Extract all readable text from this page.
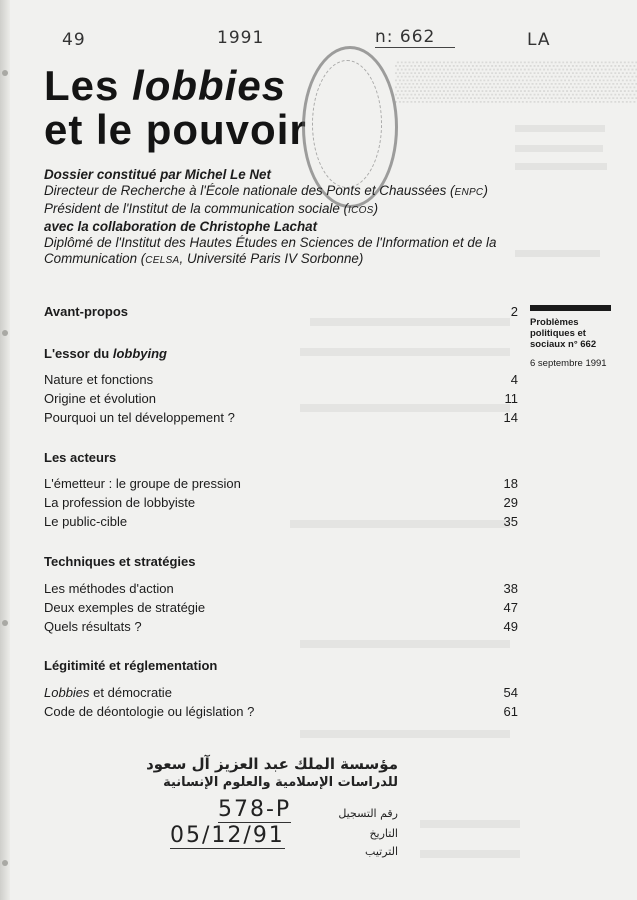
▒▒▒▒▒▒▒▒▒
49	1991	n: 662	LA
Les lobbies
et le pouvoir
Dossier constitué par Michel Le Net
Directeur de Recherche à l'École nationale des Ponts et Chaussées (ENPC)
Président de l'Institut de la communication sociale (ICOS)
avec la collaboration de Christophe Lachat
Diplômé de l'Institut des Hautes Études en Sciences de l'Information et de la Communication (CELSA, Université Paris IV Sorbonne)
Problèmes politiques et sociaux n° 662
6 septembre 1991
Avant-propos	2
L'essor du lobbying
Nature et fonctions	4
Origine et évolution	11
Pourquoi un tel développement ?	14
Les acteurs
L'émetteur : le groupe de pression	18
La profession de lobbyiste	29
Le public-cible	35
Techniques et stratégies
Les méthodes d'action	38
Deux exemples de stratégie	47
Quels résultats ?	49
Légitimité et réglementation
Lobbies et démocratie	54
Code de déontologie ou législation ?	61
مؤسسة الملك عبد العزيز آل سعود
للدراسات الإسلامية والعلوم الإنسانية
رقم التسجيل
578-P
التاريخ
05/12/91
الترتيب
